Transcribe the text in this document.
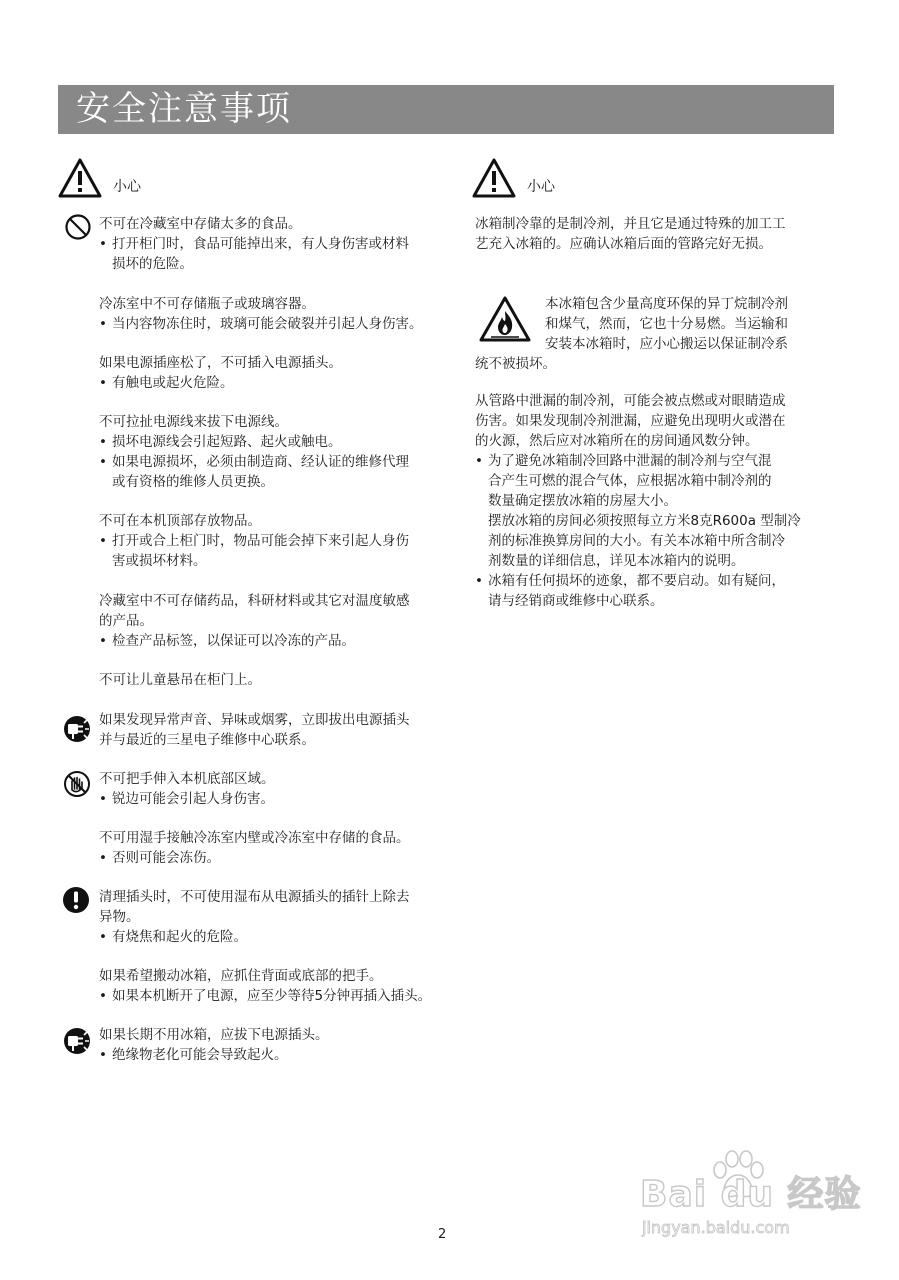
安全注意事项
小心

不可在冷藏室中存储太多的食品。

• 打开柜门时，食品可能掉出来，有人身伤害或材料

损坏的危险。

冷冻室中不可存储瓶子或玻璃容器。

• 当内容物冻住时，玻璃可能会破裂并引起人身伤害。

如果电源插座松了，不可插入电源插头。

• 有触电或起火危险。

不可拉扯电源线来拔下电源线。

• 损坏电源线会引起短路、起火或触电。

• 如果电源损坏，必须由制造商、经认证的维修代理

或有资格的维修人员更换。

不可在本机顶部存放物品。

• 打开或合上柜门时，物品可能会掉下来引起人身伤

害或损坏材料。

冷藏室中不可存储药品，科研材料或其它对温度敏感

的产品。

• 检查产品标签，以保证可以冷冻的产品。

不可让儿童悬吊在柜门上。

如果发现异常声音、异味或烟雾，立即拔出电源插头

并与最近的三星电子维修中心联系。

不可把手伸入本机底部区域。

• 锐边可能会引起人身伤害。

不可用湿手接触冷冻室内壁或冷冻室中存储的食品。

• 否则可能会冻伤。

清理插头时，不可使用湿布从电源插头的插针上除去

异物。

• 有烧焦和起火的危险。

如果希望搬动冰箱，应抓住背面或底部的把手。

• 如果本机断开了电源，应至少等待5分钟再插入插头。

如果长期不用冰箱，应拔下电源插头。

• 绝缘物老化可能会导致起火。

小心

冰箱制冷靠的是制冷剂，并且它是通过特殊的加工工

艺充入冰箱的。应确认冰箱后面的管路完好无损。

本冰箱包含少量高度环保的异丁烷制冷剂

和煤气，然而，它也十分易燃。当运输和

安装本冰箱时，应小心搬运以保证制冷系

统不被损坏。

从管路中泄漏的制冷剂，可能会被点燃或对眼睛造成

伤害。如果发现制冷剂泄漏，应避免出现明火或潜在

的火源，然后应对冰箱所在的房间通风数分钟。

• 为了避免冰箱制冷回路中泄漏的制冷剂与空气混

合产生可燃的混合气体，应根据冰箱中制冷剂的

数量确定摆放冰箱的房屋大小。

摆放冰箱的房间必须按照每立方米8克R600a 型制冷

剂的标准换算房间的大小。有关本冰箱中所含制冷

剂数量的详细信息，详见本冰箱内的说明。

• 冰箱有任何损坏的迹象，都不要启动。如有疑问，

请与经销商或维修中心联系。

Bai du 经验
jingyan.baidu.com
2
